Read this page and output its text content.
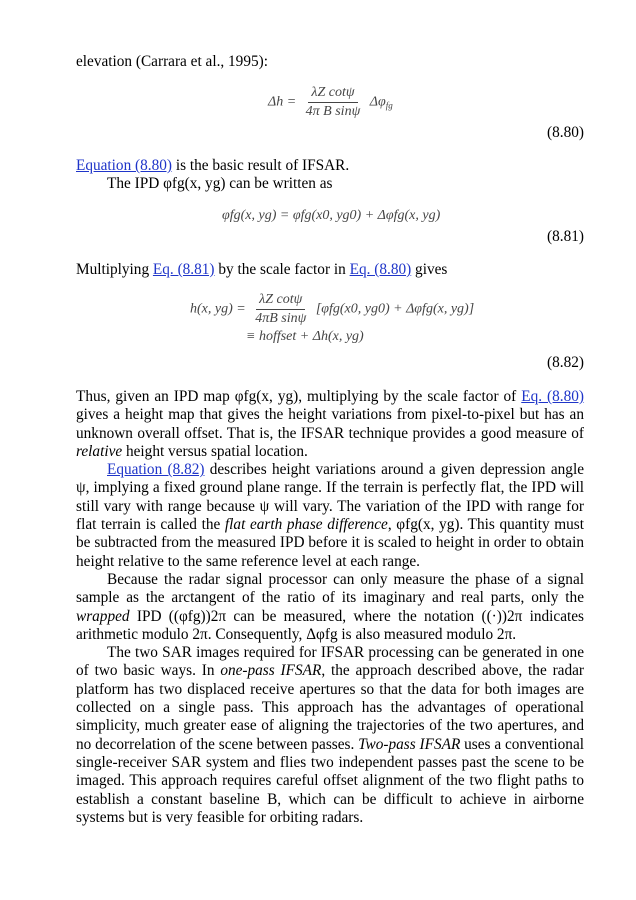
elevation (Carrara et al., 1995):

$\Delta h = \frac{\text{λZ cotψ}}{\text{4π B sinψ}} \Delta\varphi_{fg}$
(8.80)

Equation (8.80) is the basic result of IFSAR.

The IPD φfg(x, yg) can be written as

φfg(x, yg) = φfg(x0, yg0) + Δφfg(x, yg)
(8.81)

Multiplying Eq. (8.81) by the scale factor in Eq. (8.80) gives

h(x, $yg) = \frac{\text{λZ cotψ}}{\text{4πB sinψ}} [\varphi fg(x0$, yg0) + Δφfg(x, yg)]
≡ hoffset + Δh(x, yg)
(8.82)

Thus, given an IPD map φfg(x, yg), multiplying by the scale factor of Eq. (8.80) gives a height map that gives the height variations from pixel-to-pixel but has an unknown overall offset. That is, the IFSAR technique provides a good measure of relative height versus spatial location.

Equation (8.82) describes height variations around a given depression angle ψ, implying a fixed ground plane range. If the terrain is perfectly flat, the IPD will still vary with range because ψ will vary. The variation of the IPD with range for flat terrain is called the flat earth phase difference, φfg(x, yg). This quantity must be subtracted from the measured IPD before it is scaled to height in order to obtain height relative to the same reference level at each range.

Because the radar signal processor can only measure the phase of a signal sample as the arctangent of the ratio of its imaginary and real parts, only the wrapped IPD ((φfg))2π can be measured, where the notation ((·))2π indicates arithmetic modulo 2π. Consequently, Δφfg is also measured modulo 2π.

The two SAR images required for IFSAR processing can be generated in one of two basic ways. In one-pass IFSAR, the approach described above, the radar platform has two displaced receive apertures so that the data for both images are collected on a single pass. This approach has the advantages of operational simplicity, much greater ease of aligning the trajectories of the two apertures, and no decorrelation of the scene between passes. Two-pass IFSAR uses a conventional single-receiver SAR system and flies two independent passes past the scene to be imaged. This approach requires careful offset alignment of the two flight paths to establish a constant baseline B, which can be difficult to achieve in airborne systems but is very feasible for orbiting radars.
